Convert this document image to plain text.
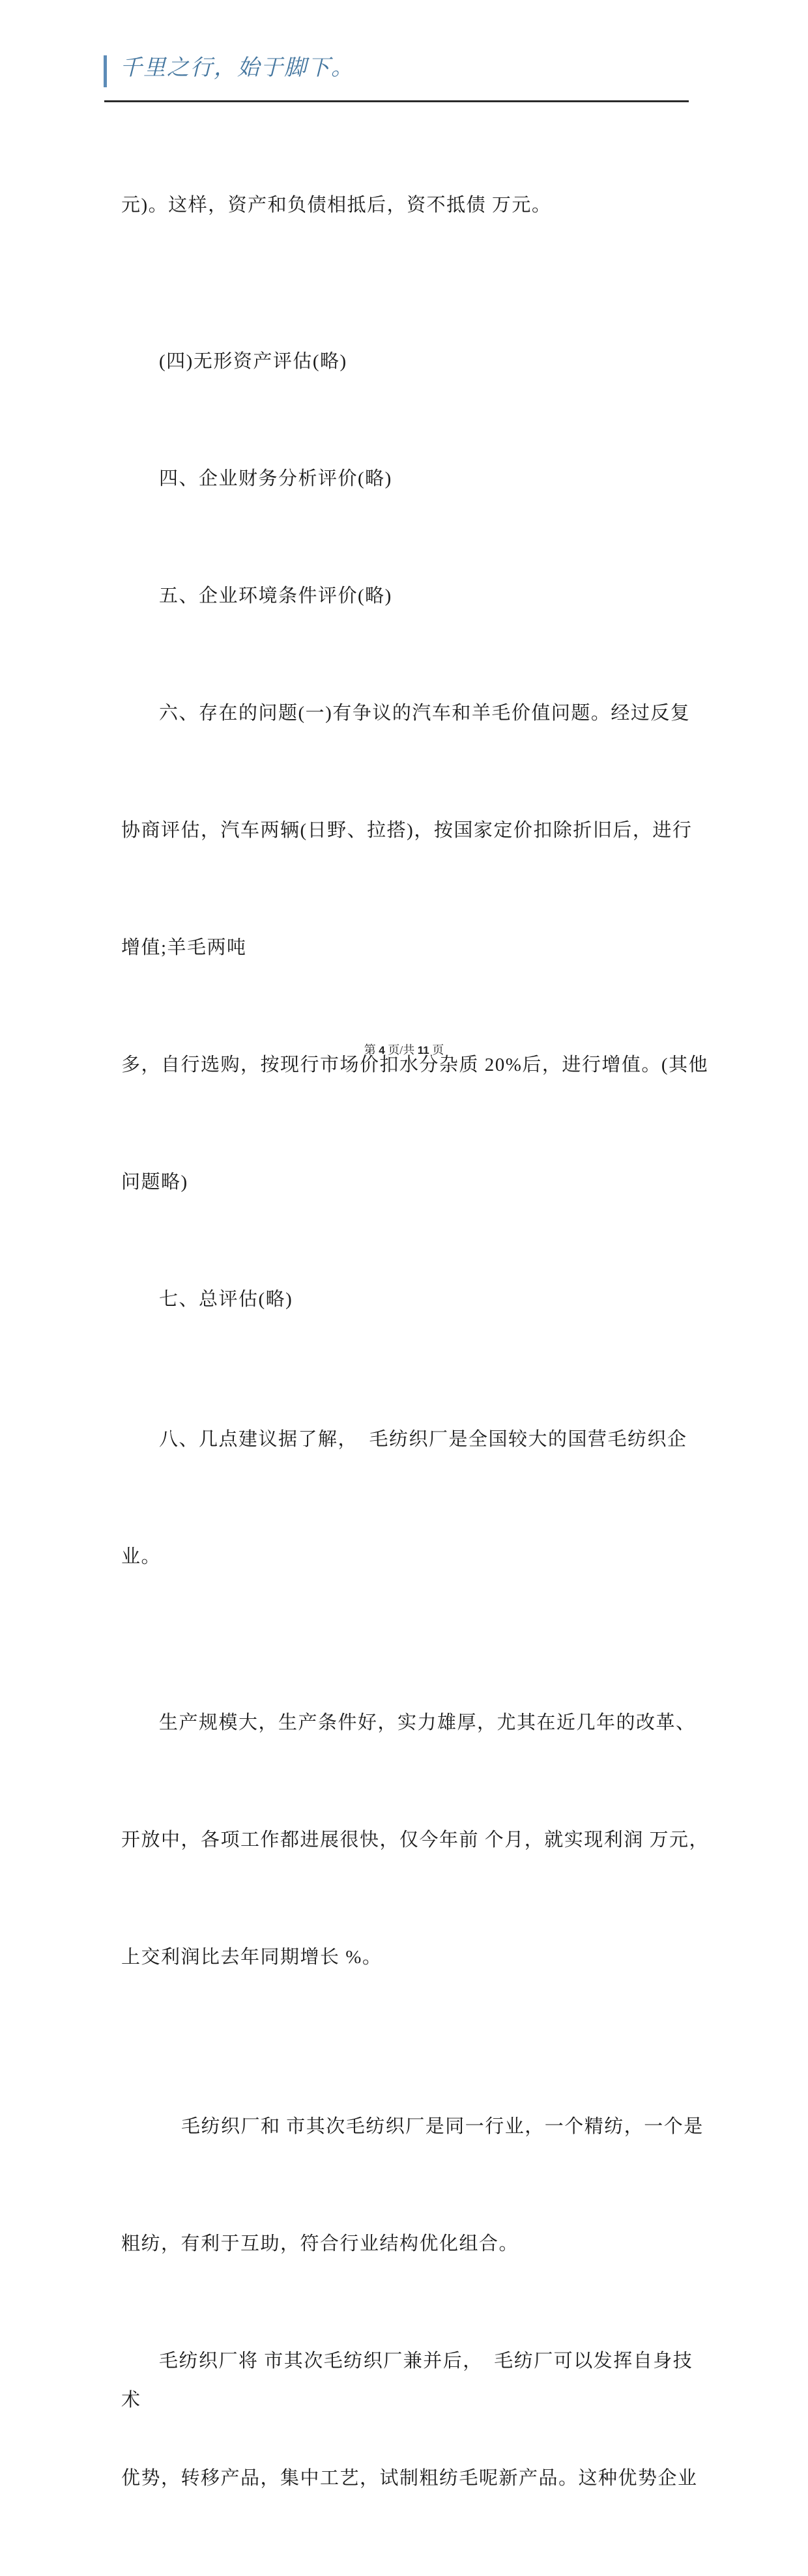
千里之行，始于脚下。

元)。这样，资产和负债相抵后，资不抵债 万元。

(四)无形资产评估(略)

四、企业财务分析评价(略)

五、企业环境条件评价(略)

六、存在的问题(一)有争议的汽车和羊毛价值问题。经过反复

协商评估，汽车两辆(日野、拉搭)，按国家定价扣除折旧后，进行

增值;羊毛两吨

多，自行选购，按现行市场价扣水分杂质 20%后，进行增值。(其他

问题略)

七、总评估(略)

八、几点建议据了解，  毛纺织厂是全国较大的国营毛纺织企

业。

生产规模大，生产条件好，实力雄厚，尤其在近几年的改革、

开放中，各项工作都进展很快，仅今年前 个月，就实现利润 万元，

上交利润比去年同期增长 %。

毛纺织厂和 市其次毛纺织厂是同一行业，一个精纺，一个是

粗纺，有利于互助，符合行业结构优化组合。

毛纺织厂将 市其次毛纺织厂兼并后，  毛纺厂可以发挥自身技术

优势，转移产品，集中工艺，试制粗纺毛呢新产品。这种优势企业

第 4 页/共 11 页
